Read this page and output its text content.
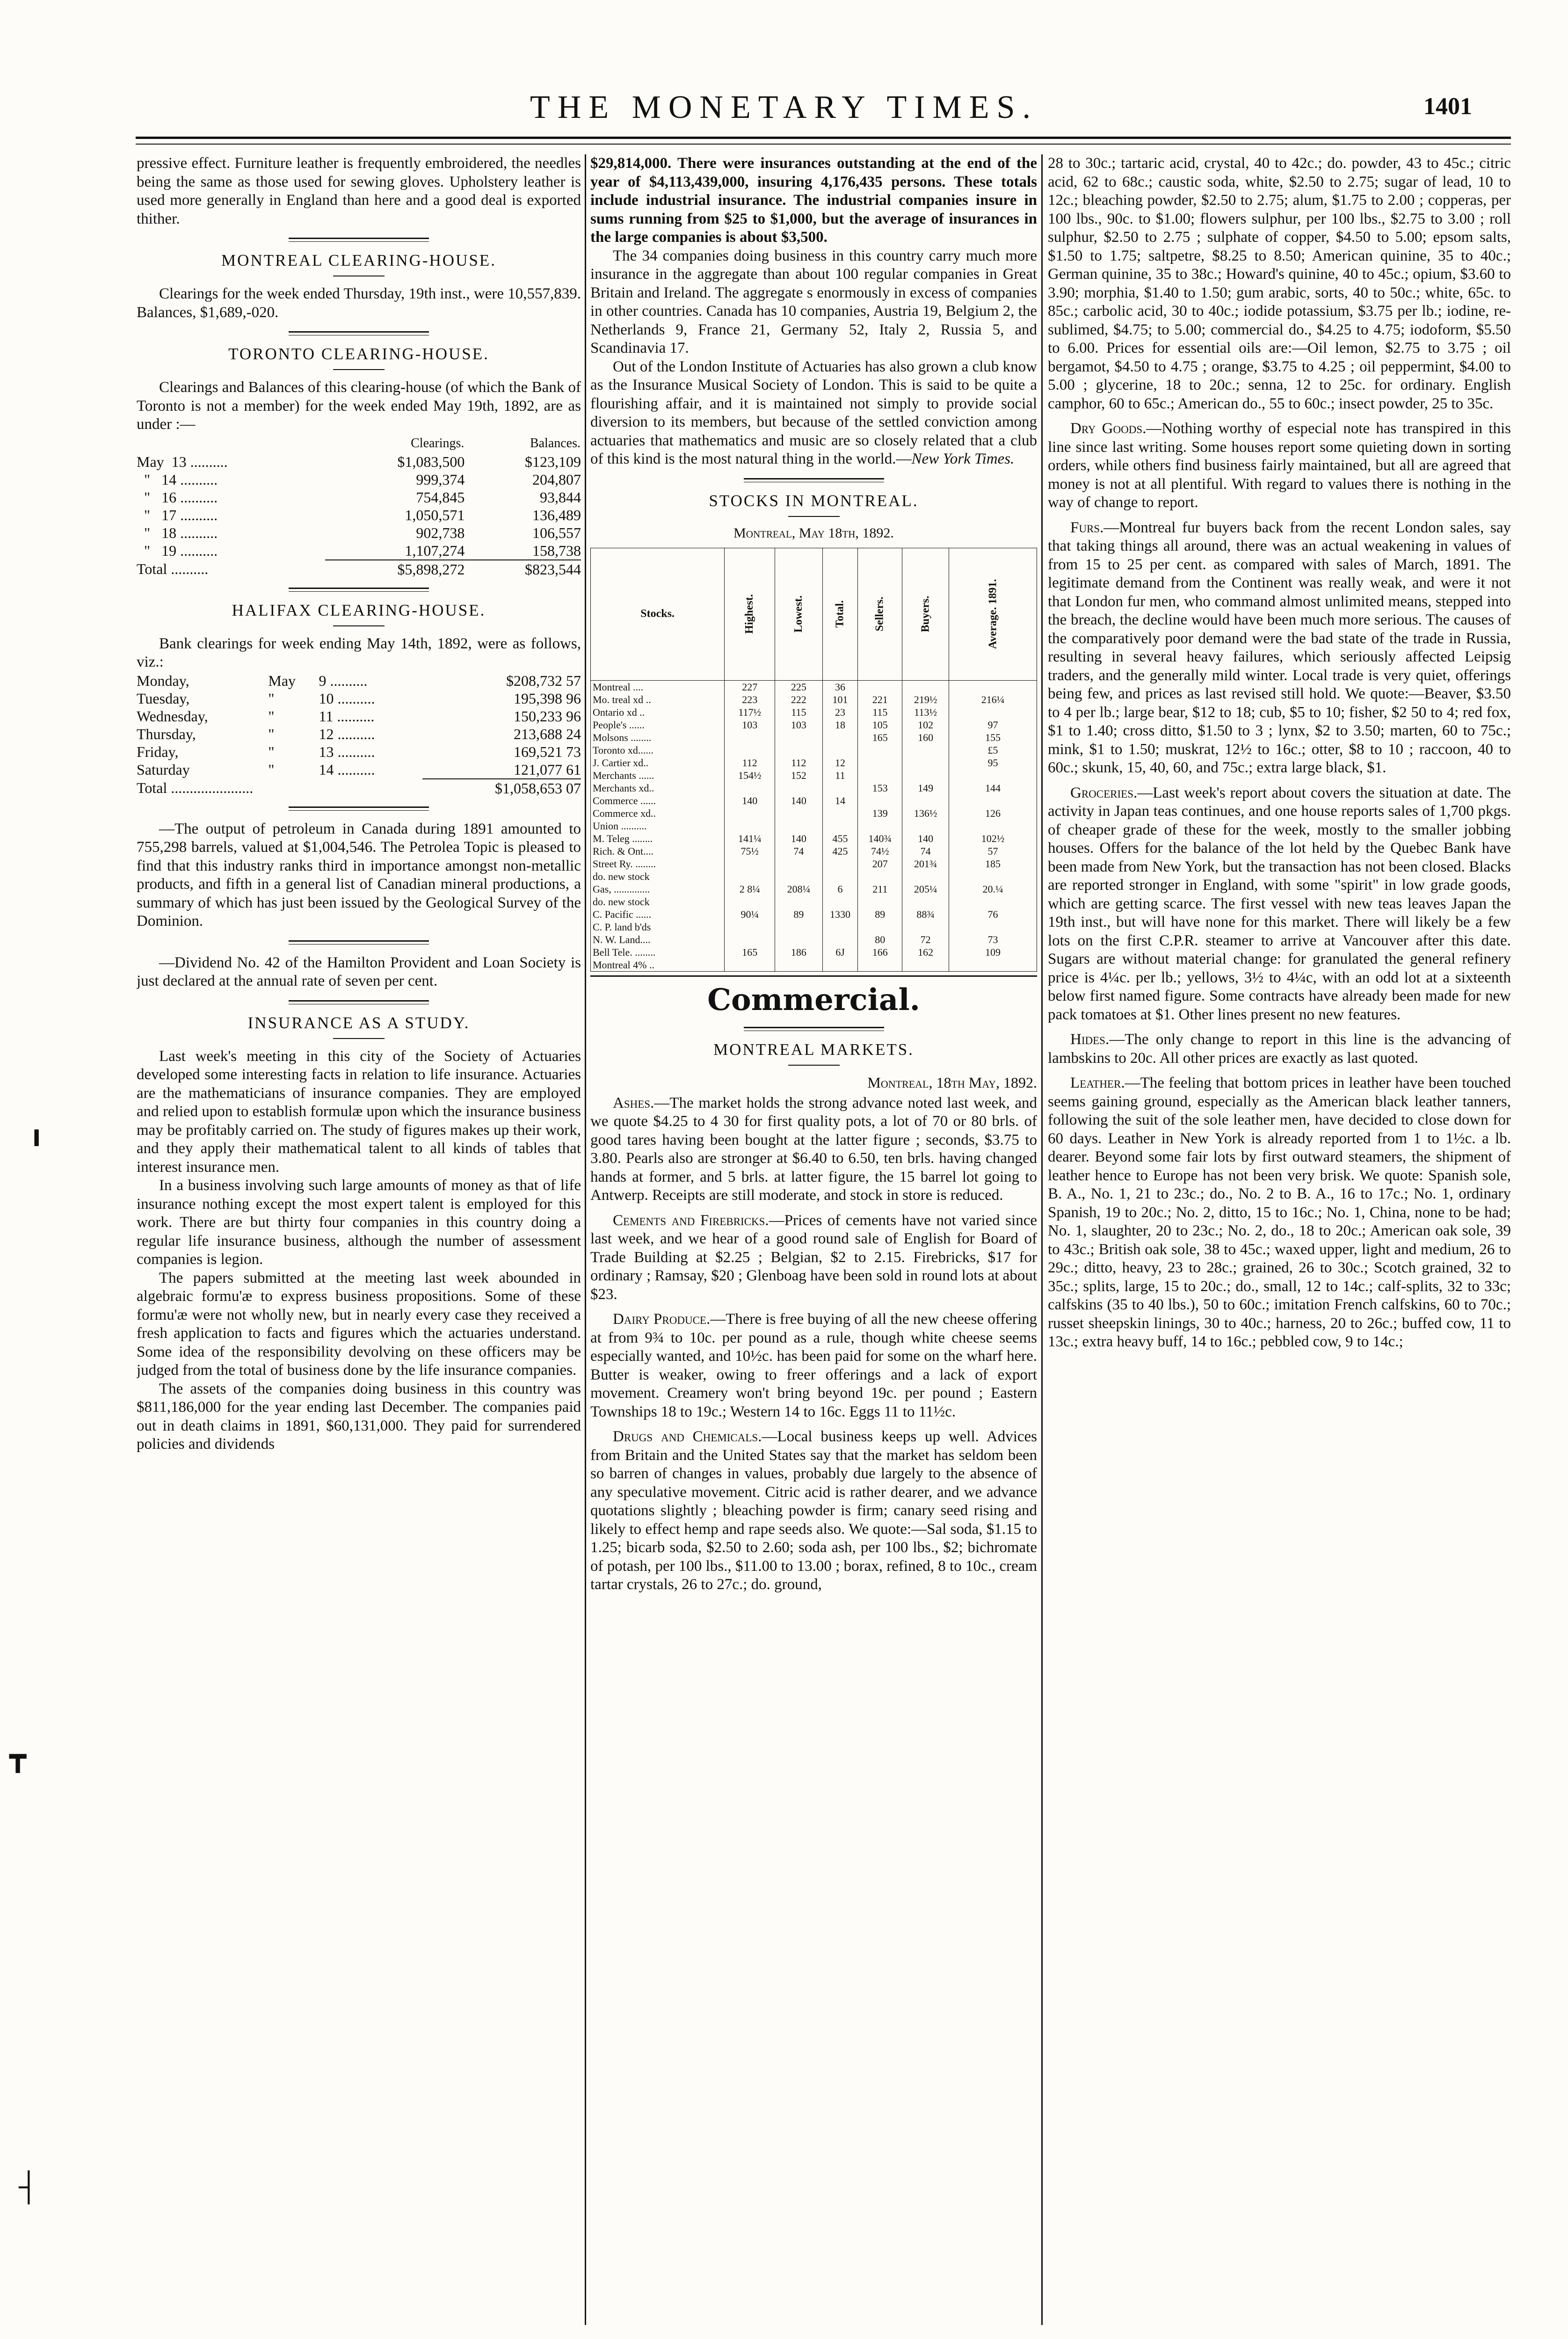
THE MONETARY TIMES.	1401

pressive effect. Furniture leather is frequently embroidered, the needles being the same as those used for sewing gloves. Upholstery leather is used more generally in England than here and a good deal is exported thither.

MONTREAL CLEARING-HOUSE.

Clearings for the week ended Thursday, 19th inst., were 10,557,839. Balances, $1,689,-020.

TORONTO CLEARING-HOUSE.

Clearings and Balances of this clearing-house (of which the Bank of Toronto is not a member) for the week ended May 19th, 1892, are as under :—

	Clearings.	Balances.
May  13 ..........	$1,083,500	$123,109
"   14 ..........	999,374	204,807
"   16 ..........	754,845	93,844
"   17 ..........	1,050,571	136,489
"   18 ..........	902,738	106,557
"   19 ..........	1,107,274	158,738
Total ..........	$5,898,272	$823,544
HALIFAX CLEARING-HOUSE.

Bank clearings for week ending May 14th, 1892, were as follows, viz.:

Monday,	May	9 ..........	$208,732 57
Tuesday,	"	10 ..........	195,398 96
Wednesday,	"	11 ..........	150,233 96
Thursday,	"	12 ..........	213,688 24
Friday,	"	13 ..........	169,521 73
Saturday	"	14 ..........	121,077 61
Total ......................			$1,058,653 07

—The output of petroleum in Canada during 1891 amounted to 755,298 barrels, valued at $1,004,546. The Petrolea Topic is pleased to find that this industry ranks third in importance amongst non-metallic products, and fifth in a general list of Canadian mineral productions, a summary of which has just been issued by the Geological Survey of the Dominion.

—Dividend No. 42 of the Hamilton Provident and Loan Society is just declared at the annual rate of seven per cent.

INSURANCE AS A STUDY.

Last week's meeting in this city of the Society of Actuaries developed some interesting facts in relation to life insurance. Actuaries are the mathematicians of insurance companies. They are employed and relied upon to establish formulæ upon which the insurance business may be profitably carried on. The study of figures makes up their work, and they apply their mathematical talent to all kinds of tables that interest insurance men.

In a business involving such large amounts of money as that of life insurance nothing except the most expert talent is employed for this work. There are but thirty four companies in this country doing a regular life insurance business, although the number of assessment companies is legion.

The papers submitted at the meeting last week abounded in algebraic formu'æ to express business propositions. Some of these formu'æ were not wholly new, but in nearly every case they received a fresh application to facts and figures which the actuaries understand. Some idea of the responsibility devolving on these officers may be judged from the total of business done by the life insurance companies.

The assets of the companies doing business in this country was $811,186,000 for the year ending last December. The companies paid out in death claims in 1891, $60,131,000. They paid for surrendered policies and dividends

$29,814,000. There were insurances outstanding at the end of the year of $4,113,439,000, insuring 4,176,435 persons. These totals include industrial insurance. The industrial companies insure in sums running from $25 to $1,000, but the average of insurances in the large companies is about $3,500.

The 34 companies doing business in this country carry much more insurance in the aggregate than about 100 regular companies in Great Britain and Ireland. The aggregate s enormously in excess of companies in other countries. Canada has 10 companies, Austria 19, Belgium 2, the Netherlands 9, France 21, Germany 52, Italy 2, Russia 5, and Scandinavia 17.

Out of the London Institute of Actuaries has also grown a club know as the Insurance Musical Society of London. This is said to be quite a flourishing affair, and it is maintained not simply to provide social diversion to its members, but because of the settled conviction among actuaries that mathematics and music are so closely related that a club of this kind is the most natural thing in the world.—New York Times.

STOCKS IN MONTREAL.
Montreal, May 18th, 1892.
Stocks.	Highest.	Lowest.	Total.	Sellers.	Buyers.	Average. 1891.
Montreal ....	227	225	36			
Mo. treal xd ..	223	222	101	221	219½	216¼
Ontario xd ..	117½	115	23	115	113½	
People's ......	103	103	18	105	102	97
Molsons ........				165	160	155
Toronto xd......						£5
J. Cartier xd..	112	112	12			95
Merchants ......	154½	152	11			
Merchants xd..				153	149	144
Commerce ......	140	140	14			
Commerce xd..				139	136½	126
Union ..........						
M. Teleg ........	141¼	140	455	140¾	140	102½
Rich. & Ont....	75½	74	425	74½	74	57
Street Ry. ........				207	201¾	185
do. new stock						
Gas, ..............	2 8¼	208¼	6	211	205¼	20.¼
do. new stock						
C. Pacific ......	90¼	89	1330	89	88¾	76
C. P. land b'ds						
N. W. Land....				80	72	73
Bell Tele. ........	165	186	6J	166	162	109
Montreal 4% ..						
Commercial.
MONTREAL MARKETS.
Montreal, 18th May, 1892.

Ashes.—The market holds the strong advance noted last week, and we quote $4.25 to 4 30 for first quality pots, a lot of 70 or 80 brls. of good tares having been bought at the latter figure ; seconds, $3.75 to 3.80. Pearls also are stronger at $6.40 to 6.50, ten brls. having changed hands at former, and 5 brls. at latter figure, the 15 barrel lot going to Antwerp. Receipts are still moderate, and stock in store is reduced.

Cements and Firebricks.—Prices of cements have not varied since last week, and we hear of a good round sale of English for Board of Trade Building at $2.25 ; Belgian, $2 to 2.15. Firebricks, $17 for ordinary ; Ramsay, $20 ; Glenboag have been sold in round lots at about $23.

Dairy Produce.—There is free buying of all the new cheese offering at from 9¾ to 10c. per pound as a rule, though white cheese seems especially wanted, and 10½c. has been paid for some on the wharf here. Butter is weaker, owing to freer offerings and a lack of export movement. Creamery won't bring beyond 19c. per pound ; Eastern Townships 18 to 19c.; Western 14 to 16c. Eggs 11 to 11½c.

Drugs and Chemicals.—Local business keeps up well. Advices from Britain and the United States say that the market has seldom been so barren of changes in values, probably due largely to the absence of any speculative movement. Citric acid is rather dearer, and we advance quotations slightly ; bleaching powder is firm; canary seed rising and likely to effect hemp and rape seeds also. We quote:—Sal soda, $1.15 to 1.25; bicarb soda, $2.50 to 2.60; soda ash, per 100 lbs., $2; bichromate of potash, per 100 lbs., $11.00 to 13.00 ; borax, refined, 8 to 10c., cream tartar crystals, 26 to 27c.; do. ground,

28 to 30c.; tartaric acid, crystal, 40 to 42c.; do. powder, 43 to 45c.; citric acid, 62 to 68c.; caustic soda, white, $2.50 to 2.75; sugar of lead, 10 to 12c.; bleaching powder, $2.50 to 2.75; alum, $1.75 to 2.00 ; copperas, per 100 lbs., 90c. to $1.00; flowers sulphur, per 100 lbs., $2.75 to 3.00 ; roll sulphur, $2.50 to 2.75 ; sulphate of copper, $4.50 to 5.00; epsom salts, $1.50 to 1.75; saltpetre, $8.25 to 8.50; American quinine, 35 to 40c.; German quinine, 35 to 38c.; Howard's quinine, 40 to 45c.; opium, $3.60 to 3.90; morphia, $1.40 to 1.50; gum arabic, sorts, 40 to 50c.; white, 65c. to 85c.; carbolic acid, 30 to 40c.; iodide potassium, $3.75 per lb.; iodine, re-sublimed, $4.75; to 5.00; commercial do., $4.25 to 4.75; iodoform, $5.50 to 6.00. Prices for essential oils are:—Oil lemon, $2.75 to 3.75 ; oil bergamot, $4.50 to 4.75 ; orange, $3.75 to 4.25 ; oil peppermint, $4.00 to 5.00 ; glycerine, 18 to 20c.; senna, 12 to 25c. for ordinary. English camphor, 60 to 65c.; American do., 55 to 60c.; insect powder, 25 to 35c.

Dry Goods.—Nothing worthy of especial note has transpired in this line since last writing. Some houses report some quieting down in sorting orders, while others find business fairly maintained, but all are agreed that money is not at all plentiful. With regard to values there is nothing in the way of change to report.

Furs.—Montreal fur buyers back from the recent London sales, say that taking things all around, there was an actual weakening in values of from 15 to 25 per cent. as compared with sales of March, 1891. The legitimate demand from the Continent was really weak, and were it not that London fur men, who command almost unlimited means, stepped into the breach, the decline would have been much more serious. The causes of the comparatively poor demand were the bad state of the trade in Russia, resulting in several heavy failures, which seriously affected Leipsig traders, and the generally mild winter. Local trade is very quiet, offerings being few, and prices as last revised still hold. We quote:—Beaver, $3.50 to 4 per lb.; large bear, $12 to 18; cub, $5 to 10; fisher, $2 50 to 4; red fox, $1 to 1.40; cross ditto, $1.50 to 3 ; lynx, $2 to 3.50; marten, 60 to 75c.; mink, $1 to 1.50; muskrat, 12½ to 16c.; otter, $8 to 10 ; raccoon, 40 to 60c.; skunk, 15, 40, 60, and 75c.; extra large black, $1.

Groceries.—Last week's report about covers the situation at date. The activity in Japan teas continues, and one house reports sales of 1,700 pkgs. of cheaper grade of these for the week, mostly to the smaller jobbing houses. Offers for the balance of the lot held by the Quebec Bank have been made from New York, but the transaction has not been closed. Blacks are reported stronger in England, with some "spirit" in low grade goods, which are getting scarce. The first vessel with new teas leaves Japan the 19th inst., but will have none for this market. There will likely be a few lots on the first C.P.R. steamer to arrive at Vancouver after this date. Sugars are without material change: for granulated the general refinery price is 4¼c. per lb.; yellows, 3½ to 4¼c, with an odd lot at a sixteenth below first named figure. Some contracts have already been made for new pack tomatoes at $1. Other lines present no new features.

Hides.—The only change to report in this line is the advancing of lambskins to 20c. All other prices are exactly as last quoted.

Leather.—The feeling that bottom prices in leather have been touched seems gaining ground, especially as the American black leather tanners, following the suit of the sole leather men, have decided to close down for 60 days. Leather in New York is already reported from 1 to 1½c. a lb. dearer. Beyond some fair lots by first outward steamers, the shipment of leather hence to Europe has not been very brisk. We quote: Spanish sole, B. A., No. 1, 21 to 23c.; do., No. 2 to B. A., 16 to 17c.; No. 1, ordinary Spanish, 19 to 20c.; No. 2, ditto, 15 to 16c.; No. 1, China, none to be had; No. 1, slaughter, 20 to 23c.; No. 2, do., 18 to 20c.; American oak sole, 39 to 43c.; British oak sole, 38 to 45c.; waxed upper, light and medium, 26 to 29c.; ditto, heavy, 23 to 28c.; grained, 26 to 30c.; Scotch grained, 32 to 35c.; splits, large, 15 to 20c.; do., small, 12 to 14c.; calf-splits, 32 to 33c; calfskins (35 to 40 lbs.), 50 to 60c.; imitation French calfskins, 60 to 70c.; russet sheepskin linings, 30 to 40c.; harness, 20 to 26c.; buffed cow, 11 to 13c.; extra heavy buff, 14 to 16c.; pebbled cow, 9 to 14c.;

╻
┳
┤
